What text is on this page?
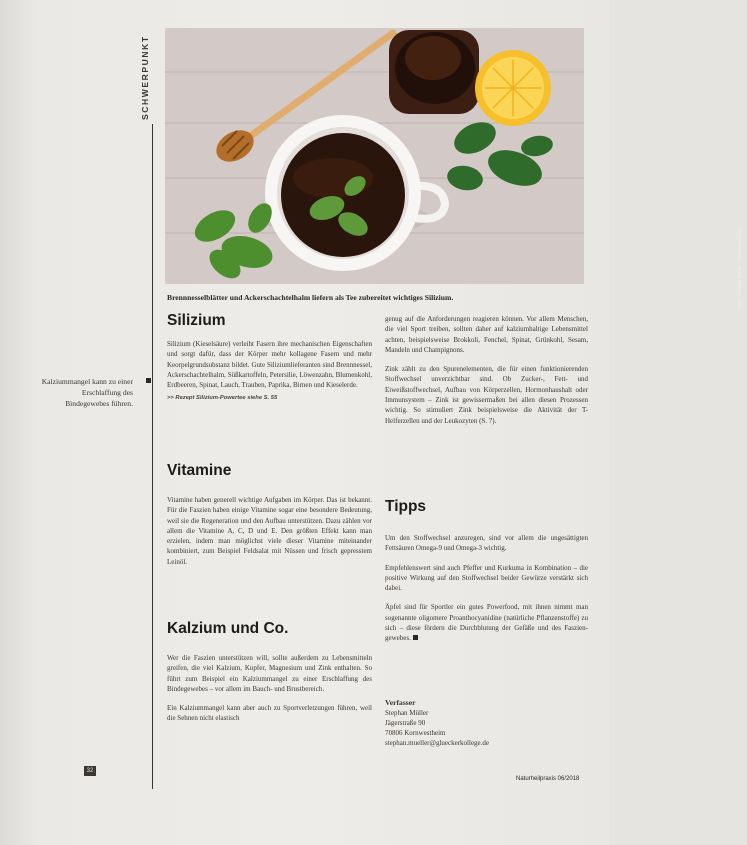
SCHWERPUNKT
Foto: Creative Studio / Shutterstock.com
Brennnesselblätter und Ackerschachtelhalm liefern als Tee zubereitet wichtiges Silizium.
Kalziummangel kann zu einer Erschlaffung des Bindegewebes führen.
Silizium

Silizium (Kieselsäure) verleiht Fasern ihre mechanischen Eigenschaften und sorgt dafür, dass der Körper mehr kollagene Fasern und mehr Keorpelgrundsubstanz bildet. Gute Siliziumlieferanten sind Brennnessel, Ackerschachtelhalm, Süßkartoffeln, Petersilie, Löwenzahn, Blumenkohl, Erdbeeren, Spinat, Lauch, Trauben, Paprika, Birnen und Kieselerde.

>> Rezept Silizium-Powertee siehe S. 55
Vitamine

Vitamine haben generell wichtige Aufgaben im Körper. Das ist bekannt. Für die Faszien haben einige Vitamine sogar eine besondere Bedeutung, weil sie die Regeneration und den Aufbau unterstützen. Dazu zählen vor allem die Vitamine A, C, D und E. Den größten Effekt kann man erzielen, indem man möglichst viele dieser Vitamine miteinander kombiniert, zum Beispiel Feldsalat mit Nüssen und frisch gepresstem Leinöl.

Kalzium und Co.

Wer die Faszien unterstützen will, sollte außerdem zu Lebensmitteln greifen, die viel Kalzium, Kupfer, Magnesium und Zink enthalten. So führt zum Beispiel ein Kalziummangel zu einer Erschlaffung des Bindegewebes – vor allem im Bauch- und Brustbereich.

Ein Kalziummangel kann aber auch zu Sportverletzungen führen, weil die Sehnen nicht elastisch

genug auf die Anforderungen reagieren können. Vor allem Menschen, die viel Sport treiben, sollten daher auf kalziumhaltige Lebensmittel achten, beispielsweise Brokkoli, Fenchel, Spinat, Grünkohl, Sesam, Mandeln und Champignons.

Zink zählt zu den Spurenelementen, die für einen funktionierenden Stoffwechsel unverzichtbar sind. Ob Zucker-, Fett- und Eiweißstoffwechsel, Aufbau von Körperzellen, Hormonhaushalt oder Immunsystem – Zink ist gewissermaßen bei allen diesen Prozessen wichtig. So stimuliert Zink beispielsweise die Aktivität der T-Helferzellen und der Leukozyten (S. 7).

Tipps

Um den Stoffwechsel anzuregen, sind vor allem die ungesättigten Fettsäuren Omega-9 und Omega-3 wichtig.

Empfehlenswert sind auch Pfeffer und Kurkuma in Kombination – die positive Wirkung auf den Stoffwechsel beider Gewürze verstärkt sich dabei.

Äpfel sind für Sportler ein gutes Powerfood, mit ihnen nimmt man sogenannte oligomere Proanthocyanidine (natürliche Pflanzenstoffe) zu sich – diese fördern die Durchblutung der Gefäße und des Fasziengewebes.

Verfasser
Stephan Müller
Jägerstraße 90
70806 Kornwestheim
stephan.mueller@glueckerkollege.de
32
Naturheilpraxis 06/2018
